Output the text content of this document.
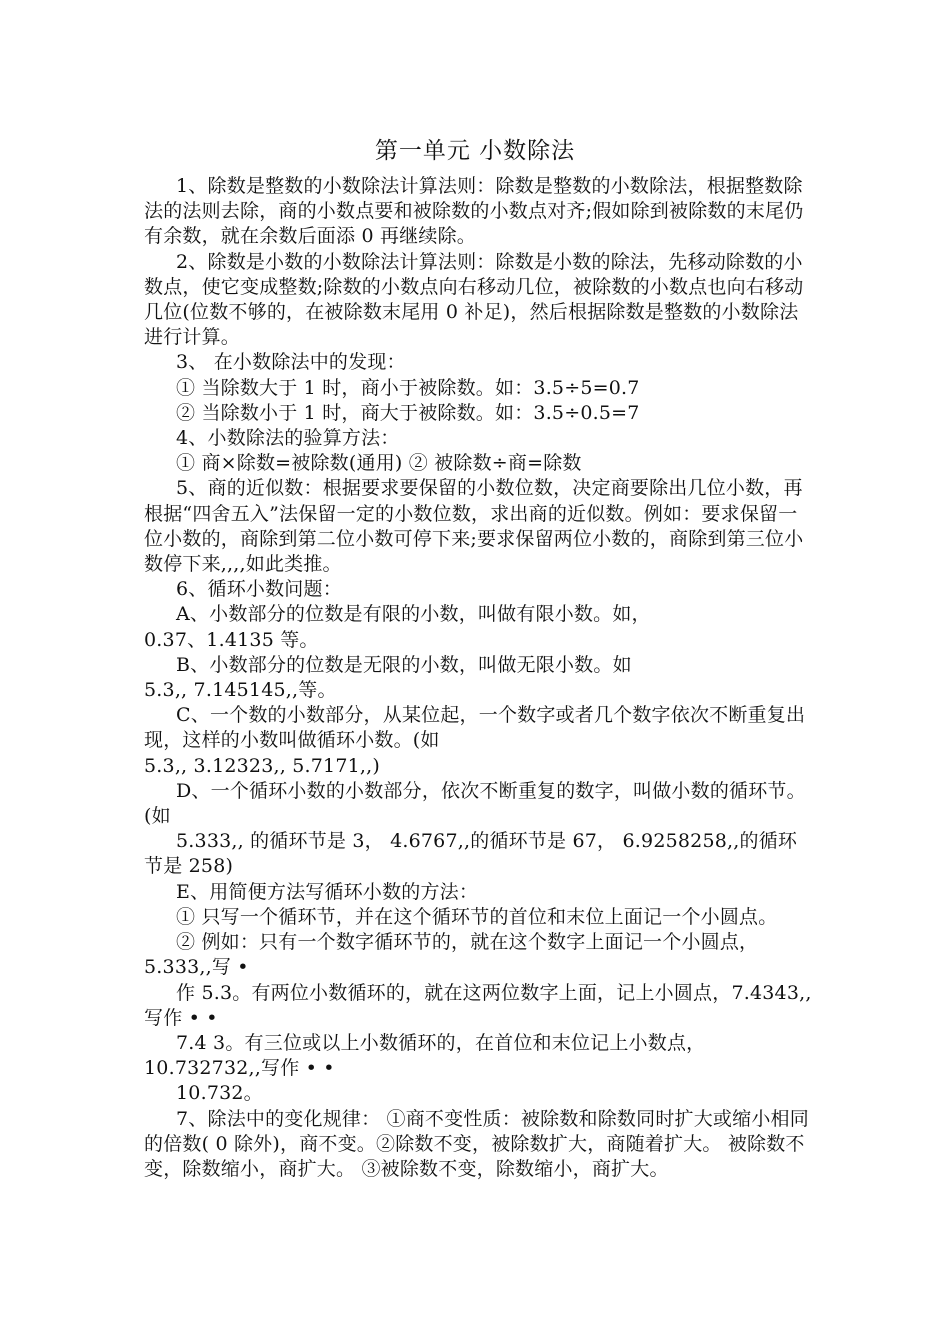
第一单元 小数除法

1、除数是整数的小数除法计算法则：除数是整数的小数除法，根据整数除法的法则去除，商的小数点要和被除数的小数点对齐;假如除到被除数的末尾仍有余数，就在余数后面添 0 再继续除。

2、除数是小数的小数除法计算法则：除数是小数的除法，先移动除数的小数点，使它变成整数;除数的小数点向右移动几位，被除数的小数点也向右移动几位(位数不够的，在被除数末尾用 0 补足)，然后根据除数是整数的小数除法进行计算。

3、 在小数除法中的发现：

① 当除数大于 1 时，商小于被除数。如：3.5÷5=0.7

② 当除数小于 1 时，商大于被除数。如：3.5÷0.5=7

4、小数除法的验算方法：

① 商×除数=被除数(通用) ② 被除数÷商=除数

5、商的近似数：根据要求要保留的小数位数，决定商要除出几位小数，再根据“四舍五入”法保留一定的小数位数，求出商的近似数。例如：要求保留一位小数的，商除到第二位小数可停下来;要求保留两位小数的，商除到第三位小数停下来,,,,如此类推。

6、循环小数问题：

A、小数部分的位数是有限的小数，叫做有限小数。如，

0.37、1.4135 等。

B、小数部分的位数是无限的小数，叫做无限小数。如

5.3,, 7.145145,,等。

C、一个数的小数部分，从某位起，一个数字或者几个数字依次不断重复出现，这样的小数叫做循环小数。(如

5.3,, 3.12323,, 5.7171,,)

D、一个循环小数的小数部分，依次不断重复的数字，叫做小数的循环节。(如

5.333,, 的循环节是 3， 4.6767,,的循环节是 67， 6.9258258,,的循环节是 258)

E、用简便方法写循环小数的方法：

① 只写一个循环节，并在这个循环节的首位和末位上面记一个小圆点。

② 例如：只有一个数字循环节的，就在这个数字上面记一个小圆点，5.333,,写 •

作 5.3。有两位小数循环的，就在这两位数字上面，记上小圆点，7.4343,,写作 • •

7.4 3。有三位或以上小数循环的，在首位和末位记上小数点，10.732732,,写作 • •

10.732。

7、除法中的变化规律： ①商不变性质：被除数和除数同时扩大或缩小相同的倍数( 0 除外)，商不变。②除数不变，被除数扩大，商随着扩大。 被除数不变，除数缩小，商扩大。 ③被除数不变，除数缩小，商扩大。
